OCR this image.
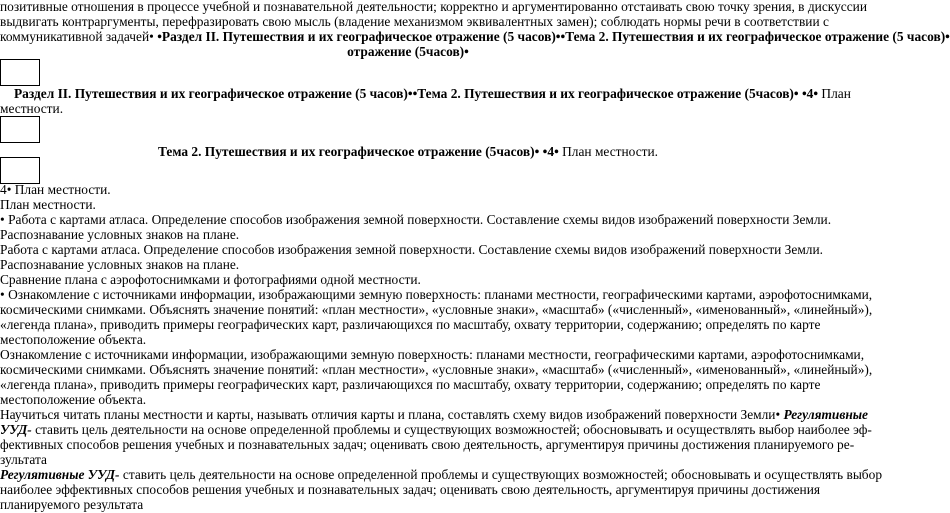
позитивные отношения в процессе учебной и познавательной деятельности; корректно и аргументированно отстаивать свою точку зрения, в дискуссии
выдвигать контраргументы, перефразировать свою мысль (владение механизмом эквивалентных замен); соблюдать нормы речи в соответствии с
коммуникативной задачей• •Раздел II. Путешествия и их географическое отражение (5 часов)••Тема 2. Путешествия и их географическое отражение (5 часов)•
отражение (5часов)•
Раздел II. Путешествия и их географическое отражение (5 часов)••Тема 2. Путешествия и их географическое отражение (5часов)• •4• План
местности.
Тема 2. Путешествия и их географическое отражение (5часов)• •4• План местности.
4• План местности.
План местности.
• Работа с картами атласа. Определение способов изображения земной поверхности. Составление схемы видов изображений поверхности Земли.
Распознавание условных знаков на плане.
Работа с картами атласа. Определение способов изображения земной поверхности. Составление схемы видов изображений поверхности Земли.
Распознавание условных знаков на плане.
Сравнение плана с аэрофотоснимками и фотографиями одной местности.
• Ознакомление с источниками информации, изображающими земную поверхность: планами местности, географическими картами, аэрофотоснимками,
космическими снимками. Объяснять значение понятий: «план местности», «условные знаки», «масштаб» («численный», «именованный», «линейный»),
«легенда плана», приводить примеры географических карт, различающихся по масштабу, охвату территории, содержанию; определять по карте
местоположение объекта.
Ознакомление с источниками информации, изображающими земную поверхность: планами местности, географическими картами, аэрофотоснимками,
космическими снимками. Объяснять значение понятий: «план местности», «условные знаки», «масштаб» («численный», «именованный», «линейный»),
«легенда плана», приводить примеры географических карт, различающихся по масштабу, охвату территории, содержанию; определять по карте
местоположение объекта.
Научиться читать планы местности и карты, называть отличия карты и плана, составлять схему видов изображений поверхности Земли• Регулятивные
УУД- ставить цель деятельности на основе определенной проблемы и существующих возможностей; обосновывать и осуществлять выбор наиболее эф-
фективных способов решения учебных и познавательных задач; оценивать свою деятельность, аргументируя причины достижения планируемого ре-
зультата
Регулятивные УУД- ставить цель деятельности на основе определенной проблемы и существующих возможностей; обосновывать и осуществлять выбор
наиболее эффективных способов решения учебных и познавательных задач; оценивать свою деятельность, аргументируя причины достижения
планируемого результата
